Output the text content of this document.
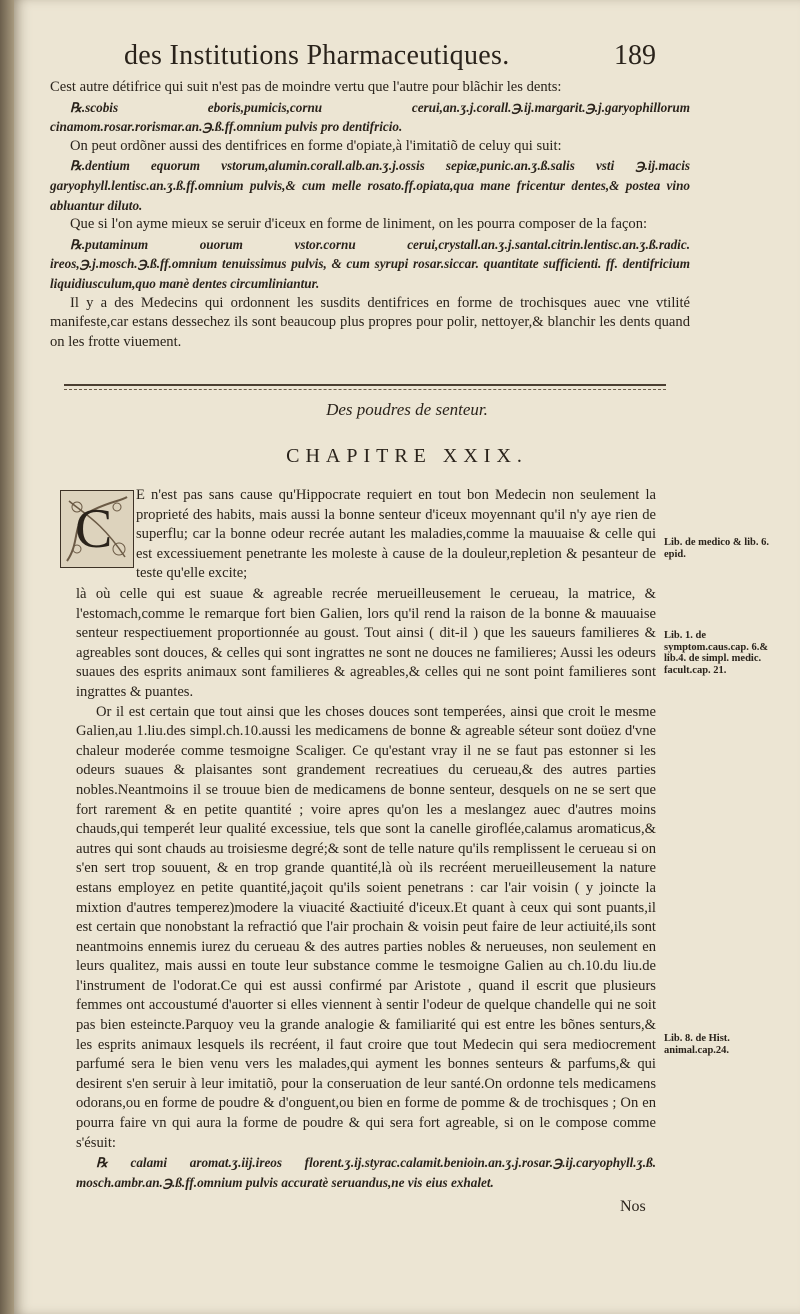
des Institutions Pharmaceutiques.	189

Cest autre détifrice qui suit n'est pas de moindre vertu que l'autre pour blãchir les dents:

℞.scobis eboris,pumicis,cornu cerui,an.ʒ.j.corall.℈.ij.margarit.℈.j.garyophillorum cinamom.rosar.rorismar.an.℈.ß.ff.omnium pulvis pro dentifricio.

On peut ordõner aussi des dentifrices en forme d'opiate,à l'imitatiõ de celuy qui suit:

℞.dentium equorum vstorum,alumin.corall.alb.an.ʒ.j.ossis sepiæ,punic.an.ʒ.ß.salis vsti ℈.ij.macis garyophyll.lentisc.an.ʒ.ß.ff.omnium pulvis,& cum melle rosato.ff.opiata,qua mane fricentur dentes,& postea vino abluantur diluto.

Que si l'on ayme mieux se seruir d'iceux en forme de liniment, on les pourra composer de la façon:

℞.putaminum ouorum vstor.cornu cerui,crystall.an.ʒ.j.santal.citrin.lentisc.an.ʒ.ß.radic. ireos,℈.j.mosch.℈.ß.ff.omnium tenuissimus pulvis, & cum syrupi rosar.siccar. quantitate sufficienti. ff. dentifricium liquidiusculum,quo manè dentes circumliniantur.

Il y a des Medecins qui ordonnent les susdits dentifrices en forme de trochisques auec vne vtilité manifeste,car estans dessechez ils sont beaucoup plus propres pour polir, nettoyer,& blanchir les dents quand on les frotte viuement.

Des poudres de senteur.
CHAPITRE XXIX.
C

E n'est pas sans cause qu'Hippocrate requiert en tout bon Medecin non seulement la proprieté des habits, mais aussi la bonne senteur d'iceux moyennant qu'il n'y aye rien de superflu; car la bonne odeur recrée autant les maladies,comme la mauuaise & celle qui est excessiuement penetrante les moleste à cause de la douleur,repletion & pesanteur de teste qu'elle excite;

là où celle qui est suaue & agreable recrée merueilleusement le cerueau, la matrice, & l'estomach,comme le remarque fort bien Galien, lors qu'il rend la raison de la bonne & mauuaise senteur respectiuement proportionnée au goust. Tout ainsi ( dit-il ) que les saueurs familieres & agreables sont douces, & celles qui sont ingrattes ne sont ne douces ne familieres; Aussi les odeurs suaues des esprits animaux sont familieres & agreables,& celles qui ne sont point familieres sont ingrattes & puantes.

Or il est certain que tout ainsi que les choses douces sont temperées, ainsi que croit le mesme Galien,au 1.liu.des simpl.ch.10.aussi les medicamens de bonne & agreable séteur sont doüez d'vne chaleur moderée comme tesmoigne Scaliger. Ce qu'estant vray il ne se faut pas estonner si les odeurs suaues & plaisantes sont grandement recreatiues du cerueau,& des autres parties nobles.Neantmoins il se trouue bien de medicamens de bonne senteur, desquels on ne se sert que fort rarement & en petite quantité ; voire apres qu'on les a meslangez auec d'autres moins chauds,qui temperét leur qualité excessiue, tels que sont la canelle giroflée,calamus aromaticus,& autres qui sont chauds au troisiesme degré;& sont de telle nature qu'ils remplissent le cerueau si on s'en sert trop souuent, & en trop grande quantité,là où ils recréent merueilleusement la nature estans employez en petite quantité,jaçoit qu'ils soient penetrans : car l'air voisin ( y joincte la mixtion d'autres temperez)modere la viuacité &actiuité d'iceux.Et quant à ceux qui sont puants,il est certain que nonobstant la refractió que l'air prochain & voisin peut faire de leur actiuité,ils sont neantmoins ennemis iurez du cerueau & des autres parties nobles & nerueuses, non seulement en leurs qualitez, mais aussi en toute leur substance comme le tesmoigne Galien au ch.10.du liu.de l'instrument de l'odorat.Ce qui est aussi confirmé par Aristote , quand il escrit que plusieurs femmes ont accoustumé d'auorter si elles viennent à sentir l'odeur de quelque chandelle qui ne soit pas bien esteincte.Parquoy veu la grande analogie & familiarité qui est entre les bõnes senturs,& les esprits animaux lesquels ils recréent, il faut croire que tout Medecin qui sera mediocrement parfumé sera le bien venu vers les malades,qui ayment les bonnes senteurs & parfums,& qui desirent s'en seruir à leur imitatiõ, pour la conseruation de leur santé.On ordonne tels medicamens odorans,ou en forme de poudre & d'onguent,ou bien en forme de pomme & de trochisques ; On en pourra faire vn qui aura la forme de poudre & qui sera fort agreable, si on le compose comme s'ésuit:

℞ calami aromat.ʒ.iij.ireos florent.ʒ.ij.styrac.calamit.benioin.an.ʒ.j.rosar.℈.ij.caryophyll.ʒ.ß. mosch.ambr.an.℈.ß.ff.omnium pulvis accuratè seruandus,ne vis eius exhalet.

Lib. de medico & lib. 6. epid.
Lib. 1. de symptom.caus.cap. 6.& lib.4. de simpl. medic. facult.cap. 21.
Lib. 8. de Hist. animal.cap.24.
Nos
